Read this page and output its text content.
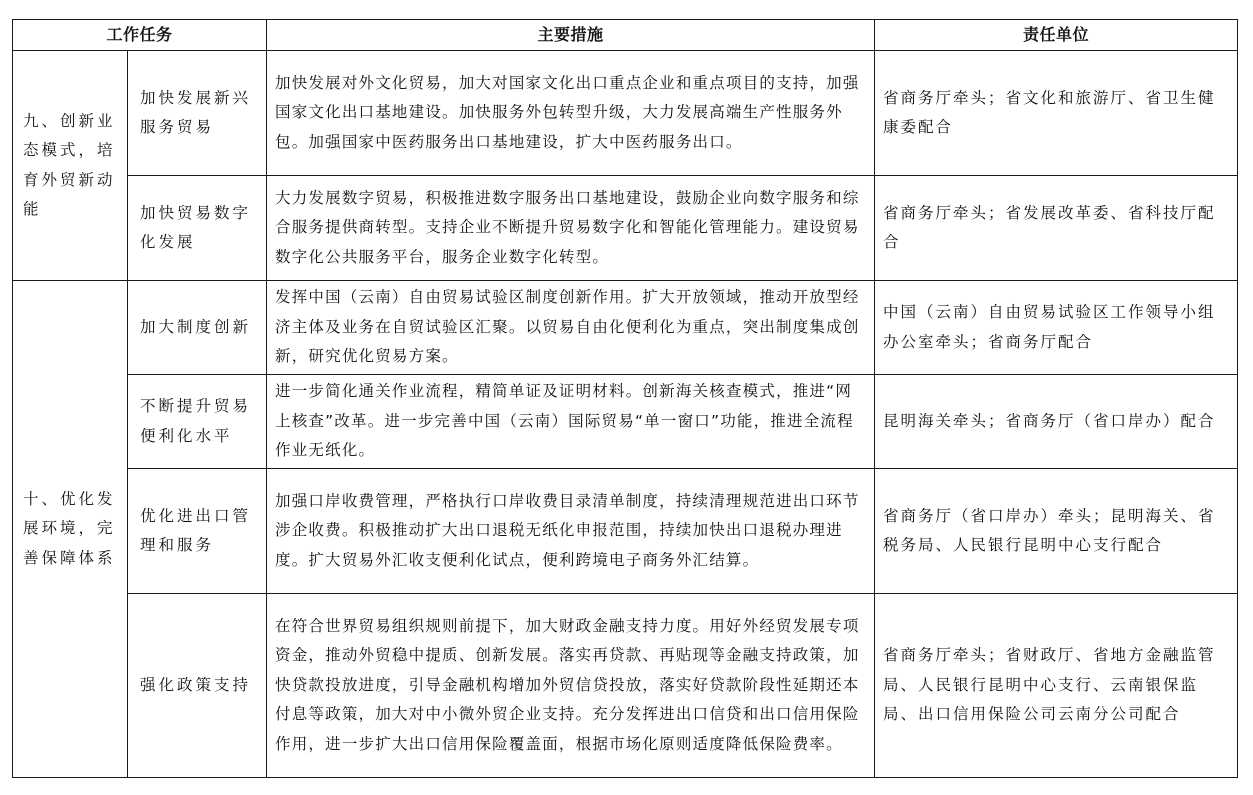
工作任务		主要措施	责任单位
九、创新业态模式，培育外贸新动能	加快发展新兴服务贸易	加快发展对外文化贸易，加大对国家文化出口重点企业和重点项目的支持，加强国家文化出口基地建设。加快服务外包转型升级，大力发展高端生产性服务外包。加强国家中医药服务出口基地建设，扩大中医药服务出口。	省商务厅牵头；省文化和旅游厅、省卫生健康委配合
	加快贸易数字化发展	大力发展数字贸易，积极推进数字服务出口基地建设，鼓励企业向数字服务和综合服务提供商转型。支持企业不断提升贸易数字化和智能化管理能力。建设贸易数字化公共服务平台，服务企业数字化转型。	省商务厅牵头；省发展改革委、省科技厅配合
十、优化发展环境，完善保障体系	加大制度创新	发挥中国（云南）自由贸易试验区制度创新作用。扩大开放领域，推动开放型经济主体及业务在自贸试验区汇聚。以贸易自由化便利化为重点，突出制度集成创新，研究优化贸易方案。	中国（云南）自由贸易试验区工作领导小组办公室牵头；省商务厅配合
	不断提升贸易便利化水平	进一步简化通关作业流程，精简单证及证明材料。创新海关核查模式，推进“网上核查”改革。进一步完善中国（云南）国际贸易“单一窗口”功能，推进全流程作业无纸化。	昆明海关牵头；省商务厅（省口岸办）配合
	优化进出口管理和服务	加强口岸收费管理，严格执行口岸收费目录清单制度，持续清理规范进出口环节涉企收费。积极推动扩大出口退税无纸化申报范围，持续加快出口退税办理进度。扩大贸易外汇收支便利化试点，便利跨境电子商务外汇结算。	省商务厅（省口岸办）牵头；昆明海关、省税务局、人民银行昆明中心支行配合
	强化政策支持	在符合世界贸易组织规则前提下，加大财政金融支持力度。用好外经贸发展专项资金，推动外贸稳中提质、创新发展。落实再贷款、再贴现等金融支持政策，加快贷款投放进度，引导金融机构增加外贸信贷投放，落实好贷款阶段性延期还本付息等政策，加大对中小微外贸企业支持。充分发挥进出口信贷和出口信用保险作用，进一步扩大出口信用保险覆盖面，根据市场化原则适度降低保险费率。	省商务厅牵头；省财政厅、省地方金融监管局、人民银行昆明中心支行、云南银保监局、出口信用保险公司云南分公司配合
